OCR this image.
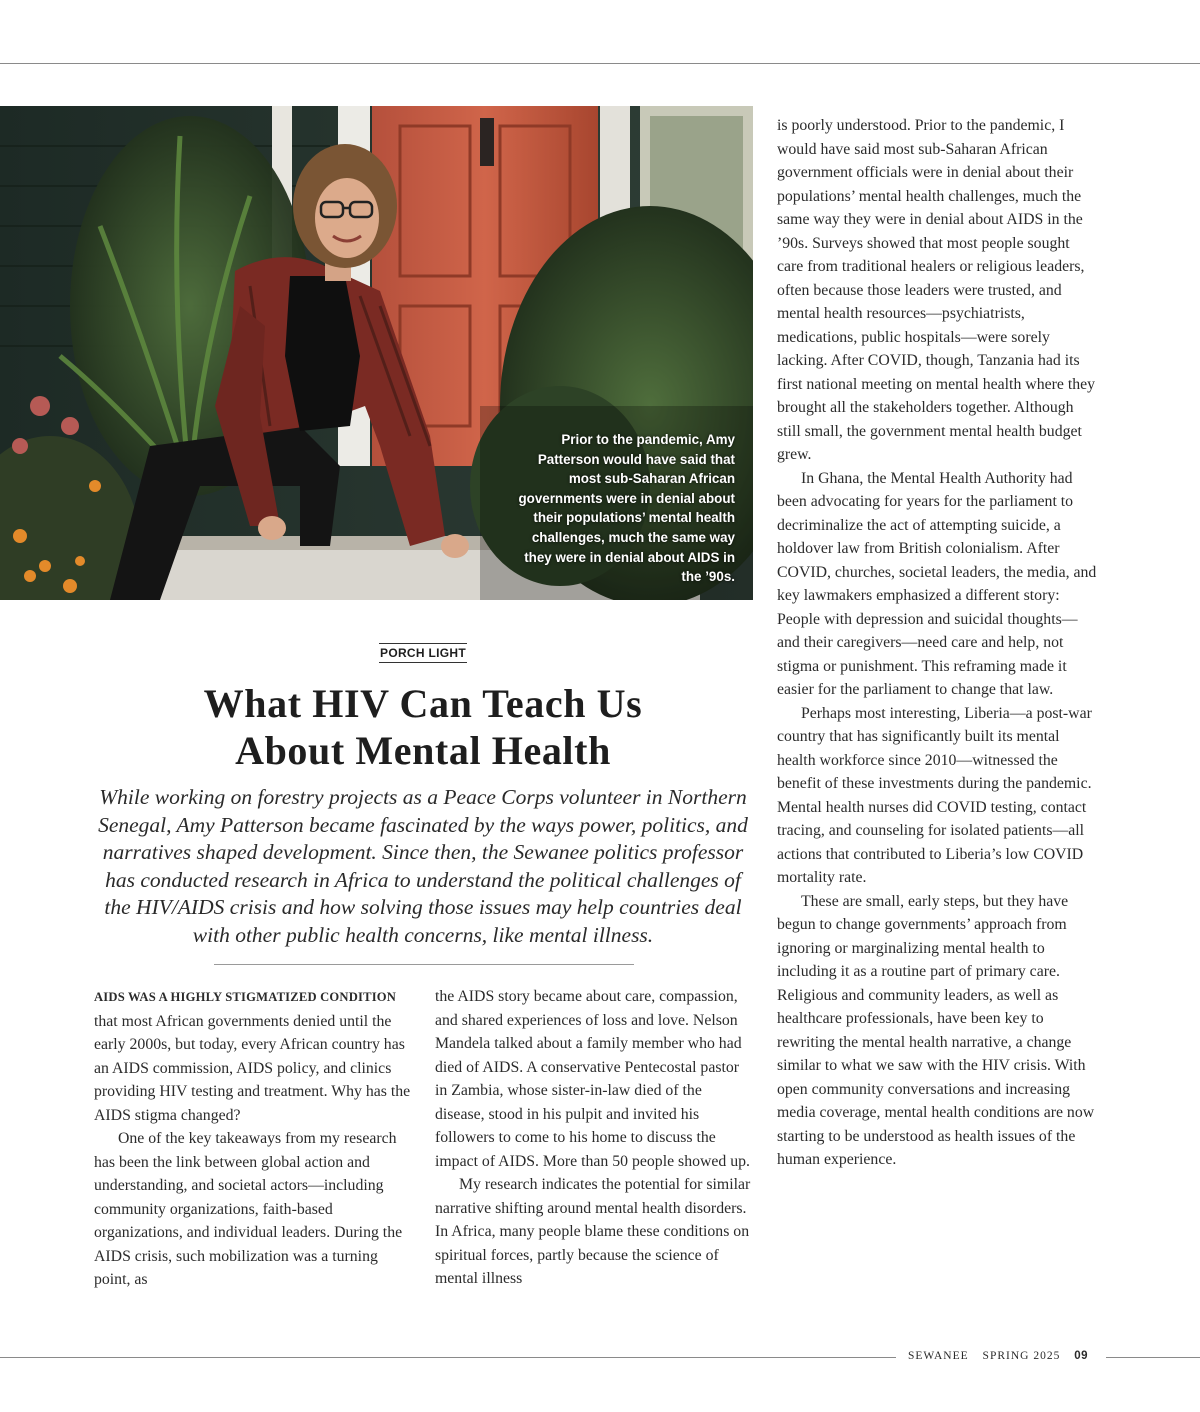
Prior to the pandemic, Amy Patterson would have said that most sub-Saharan African governments were in denial about their populations’ mental health challenges, much the same way they were in denial about AIDS in the ’90s.
PORCH LIGHT
What HIV Can Teach Us
About Mental Health

While working on forestry projects as a Peace Corps volunteer in Northern Senegal, Amy Patterson became fascinated by the ways power, politics, and narratives shaped development. Since then, the Sewanee politics professor has conducted research in Africa to understand the political challenges of the HIV/AIDS crisis and how solving those issues may help countries deal with other public health concerns, like mental illness.

AIDS WAS A HIGHLY STIGMATIZED CONDITION that most African governments denied until the early 2000s, but today, every African country has an AIDS commission, AIDS policy, and clinics providing HIV testing and treatment. Why has the AIDS stigma changed?

One of the key takeaways from my research has been the link between global action and understanding, and societal actors—including community organizations, faith-based organizations, and individual leaders. During the AIDS crisis, such mobilization was a turning point, as

the AIDS story became about care, compassion, and shared experiences of loss and love. Nelson Mandela talked about a family member who had died of AIDS. A conservative Pentecostal pastor in Zambia, whose sister-in-law died of the disease, stood in his pulpit and invited his followers to come to his home to discuss the impact of AIDS. More than 50 people showed up.

My research indicates the potential for similar narrative shifting around mental health disorders. In Africa, many people blame these conditions on spiritual forces, partly because the science of mental illness

is poorly understood. Prior to the pandemic, I would have said most sub-Saharan African government officials were in denial about their populations’ mental health challenges, much the same way they were in denial about AIDS in the ’90s. Surveys showed that most people sought care from traditional healers or religious leaders, often because those leaders were trusted, and mental health resources—psychiatrists, medications, public hospitals—were sorely lacking. After COVID, though, Tanzania had its first national meeting on mental health where they brought all the stakeholders together. Although still small, the government mental health budget grew.

In Ghana, the Mental Health Authority had been advocating for years for the parliament to decriminalize the act of attempting suicide, a holdover law from British colonialism. After COVID, churches, societal leaders, the media, and key lawmakers emphasized a different story: People with depression and suicidal thoughts—and their caregivers—need care and help, not stigma or punishment. This reframing made it easier for the parliament to change that law.

Perhaps most interesting, Liberia—a post-war country that has significantly built its mental health workforce since 2010—witnessed the benefit of these investments during the pandemic. Mental health nurses did COVID testing, contact tracing, and counseling for isolated patients—all actions that contributed to Liberia’s low COVID mortality rate.

These are small, early steps, but they have begun to change governments’ approach from ignoring or marginalizing mental health to including it as a routine part of primary care. Religious and community leaders, as well as healthcare professionals, have been key to rewriting the mental health narrative, a change similar to what we saw with the HIV crisis. With open community conversations and increasing media coverage, mental health conditions are now starting to be understood as health issues of the human experience.

SEWANEE SPRING 2025 09
